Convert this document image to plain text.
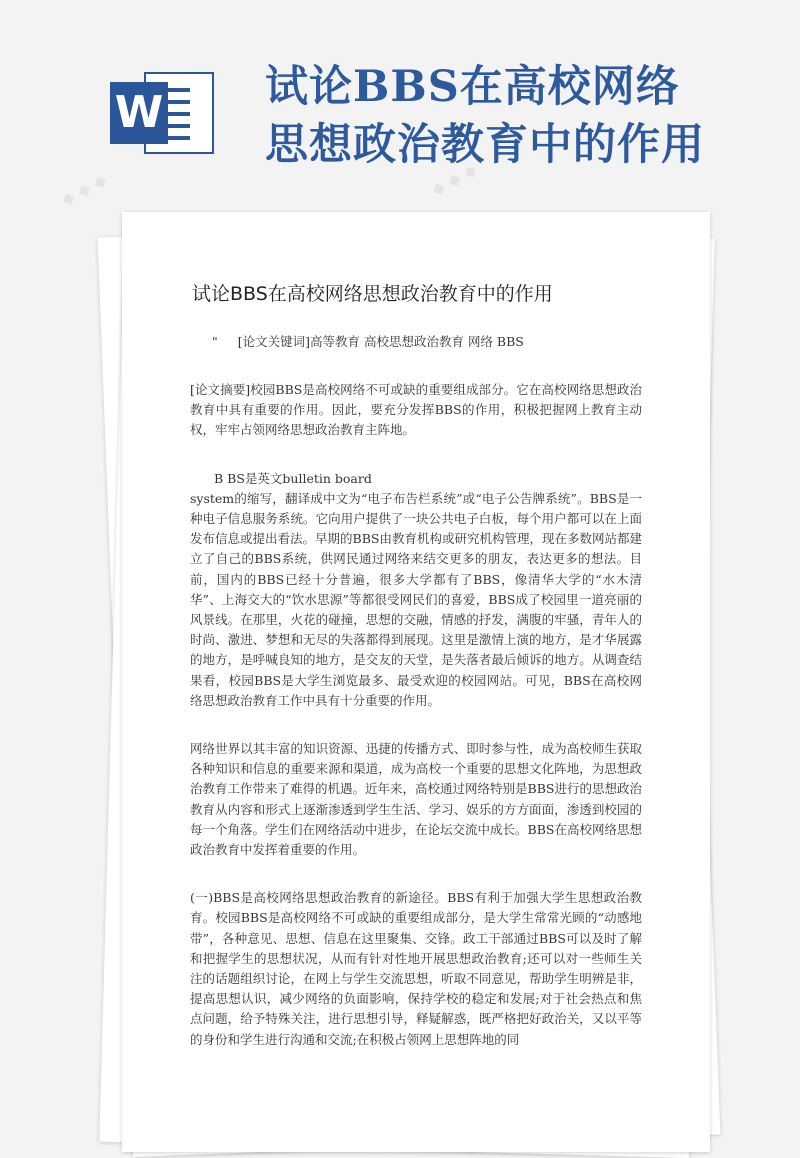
W 试论BBS在高校网络
思想政治教育中的作用
◆ ◆ ◆	◆ ◆ ◆
试论BBS在高校网络思想政治教育中的作用
" [论文关键词]高等教育 高校思想政治教育 网络 BBS

[论文摘要]校园BBS是高校网络不可或缺的重要组成部分。它在高校网络思想政治教育中具有重要的作用。因此，要充分发挥BBS的作用，积极把握网上教育主动权，牢牢占领网络思想政治教育主阵地。

B BS是英文bulletin board
system的缩写，翻译成中文为“电子布告栏系统”或“电子公告牌系统”。BBS是一种电子信息服务系统。它向用户提供了一块公共电子白板，每个用户都可以在上面发布信息或提出看法。早期的BBS由教育机构或研究机构管理，现在多数网站都建立了自己的BBS系统，供网民通过网络来结交更多的朋友，表达更多的想法。目前，国内的BBS已经十分普遍，很多大学都有了BBS，像清华大学的“水木清华”、上海交大的“饮水思源”等都很受网民们的喜爱，BBS成了校园里一道亮丽的风景线。在那里，火花的碰撞，思想的交融，情感的抒发，满腹的牢骚，青年人的时尚、激进、梦想和无尽的失落都得到展现。这里是激情上演的地方，是才华展露的地方，是呼喊良知的地方，是交友的天堂，是失落者最后倾诉的地方。从调查结果看，校园BBS是大学生浏览最多、最受欢迎的校园网站。可见，BBS在高校网络思想政治教育工作中具有十分重要的作用。

网络世界以其丰富的知识资源、迅捷的传播方式、即时参与性，成为高校师生获取各种知识和信息的重要来源和渠道，成为高校一个重要的思想文化阵地，为思想政治教育工作带来了难得的机遇。近年来，高校通过网络特别是BBS进行的思想政治教育从内容和形式上逐渐渗透到学生生活、学习、娱乐的方方面面，渗透到校园的每一个角落。学生们在网络活动中进步，在论坛交流中成长。BBS在高校网络思想政治教育中发挥着重要的作用。

(一)BBS是高校网络思想政治教育的新途径。BBS有利于加强大学生思想政治教育。校园BBS是高校网络不可或缺的重要组成部分，是大学生常常光顾的“动感地带”，各种意见、思想、信息在这里聚集、交锋。政工干部通过BBS可以及时了解和把握学生的思想状况，从而有针对性地开展思想政治教育;还可以对一些师生关注的话题组织讨论，在网上与学生交流思想，听取不同意见，帮助学生明辨是非，提高思想认识，减少网络的负面影响，保持学校的稳定和发展;对于社会热点和焦点问题，给予特殊关注，进行思想引导，释疑解惑，既严格把好政治关，又以平等的身份和学生进行沟通和交流;在积极占领网上思想阵地的同
